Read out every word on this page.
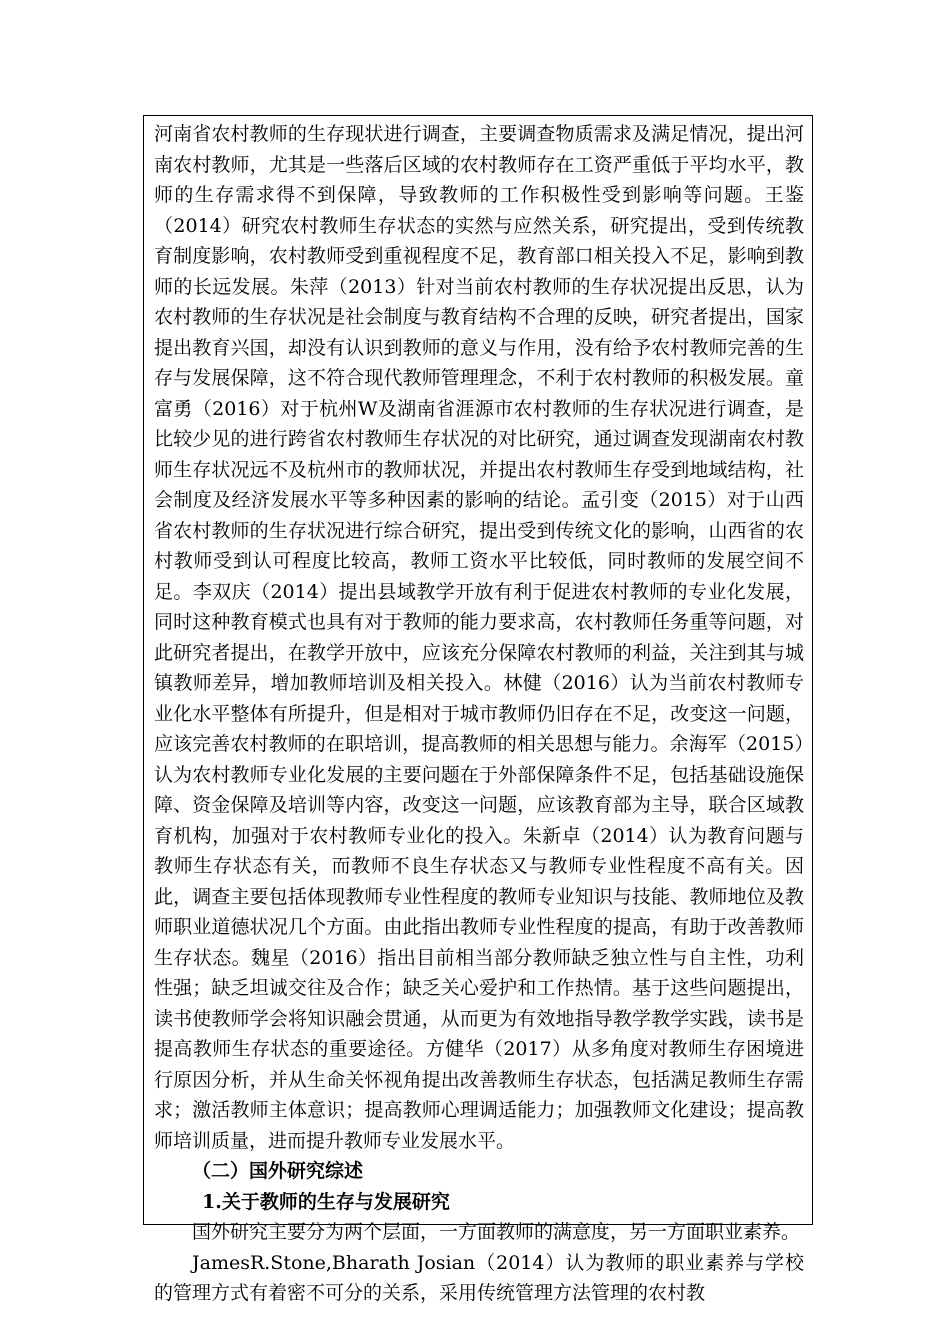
河南省农村教师的生存现状进行调查，主要调查物质需求及满足情况，提出河南农村教师，尤其是一些落后区域的农村教师存在工资严重低于平均水平，教师的生存需求得不到保障，导致教师的工作积极性受到影响等问题。王鉴（2014）研究农村教师生存状态的实然与应然关系，研究提出，受到传统教育制度影响，农村教师受到重视程度不足，教育部口相关投入不足，影响到教师的长远发展。朱萍（2013）针对当前农村教师的生存状况提出反思，认为农村教师的生存状况是社会制度与教育结构不合理的反映，研究者提出，国家提出教育兴国，却没有认识到教师的意义与作用，没有给予农村教师完善的生存与发展保障，这不符合现代教师管理理念，不利于农村教师的积极发展。童富勇（2016）对于杭州W及湖南省涯源市农村教师的生存状况进行调查，是比较少见的进行跨省农村教师生存状况的对比研究，通过调查发现湖南农村教师生存状况远不及杭州市的教师状况，并提出农村教师生存受到地域结构，社会制度及经济发展水平等多种因素的影响的结论。孟引变（2015）对于山西省农村教师的生存状况进行综合研究，提出受到传统文化的影响，山西省的农村教师受到认可程度比较高，教师工资水平比较低，同时教师的发展空间不足。李双庆（2014）提出县域教学开放有利于促进农村教师的专业化发展，同时这种教育模式也具有对于教师的能力要求高，农村教师任务重等问题，对此研究者提出，在教学开放中，应该充分保障农村教师的利益，关注到其与城镇教师差异，增加教师培训及相关投入。林健（2016）认为当前农村教师专业化水平整体有所提升，但是相对于城市教师仍旧存在不足，改变这一问题，应该完善农村教师的在职培训，提高教师的相关思想与能力。余海军（2015）认为农村教师专业化发展的主要问题在于外部保障条件不足，包括基础设施保障、资金保障及培训等内容，改变这一问题，应该教育部为主导，联合区域教育机构，加强对于农村教师专业化的投入。朱新卓（2014）认为教育问题与教师生存状态有关，而教师不良生存状态又与教师专业性程度不高有关。因此，调查主要包括体现教师专业性程度的教师专业知识与技能、教师地位及教师职业道德状况几个方面。由此指出教师专业性程度的提高，有助于改善教师生存状态。魏星（2016）指出目前相当部分教师缺乏独立性与自主性，功利性强；缺乏坦诚交往及合作；缺乏关心爱护和工作热情。基于这些问题提出，读书使教师学会将知识融会贯通，从而更为有效地指导教学教学实践，读书是提高教师生存状态的重要途径。方健华（2017）从多角度对教师生存困境进行原因分析，并从生命关怀视角提出改善教师生存状态，包括满足教师生存需求；激活教师主体意识；提高教师心理调适能力；加强教师文化建设；提高教师培训质量，进而提升教师专业发展水平。

（二）国外研究综述

1.关于教师的生存与发展研究

国外研究主要分为两个层面，一方面教师的满意度，另一方面职业素养。

JamesR.Stone,Bharath Josian（2014）认为教师的职业素养与学校的管理方式有着密不可分的关系，采用传统管理方法管理的农村教
